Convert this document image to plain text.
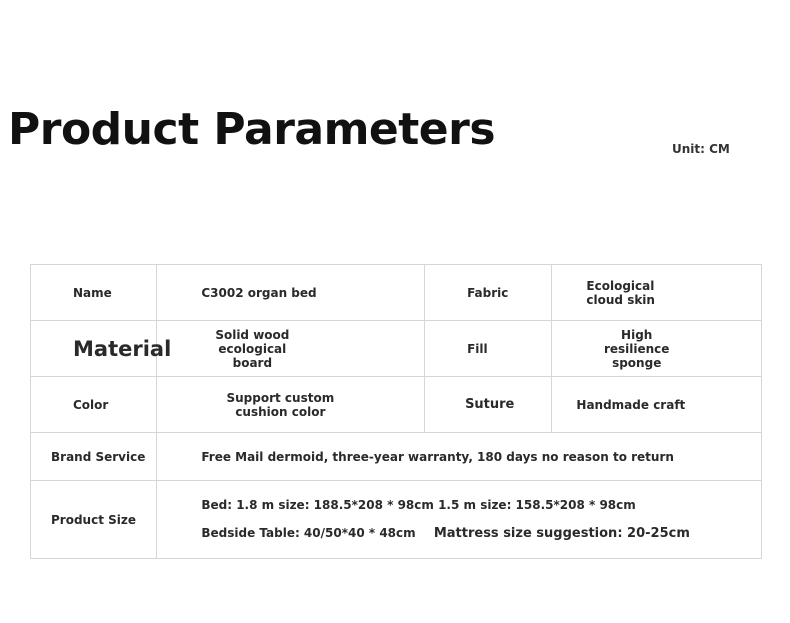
Product Parameters	Unit: CM
Name	C3002 organ bed	Fabric	Ecological cloud skin
Material	Solid wood ecological board	Fill	High resilience sponge
Color	Support custom cushion color	Suture	Handmade craft
Brand Service	Free Mail dermoid, three-year warranty, 180 days no reason to return		
Product Size	Bed: 1.8 m size: 188.5*208 * 98cm 1.5 m size: 158.5*208 * 98cm
Bedside Table: 40/50*40 * 48cm Mattress size suggestion: 20-25cm		
